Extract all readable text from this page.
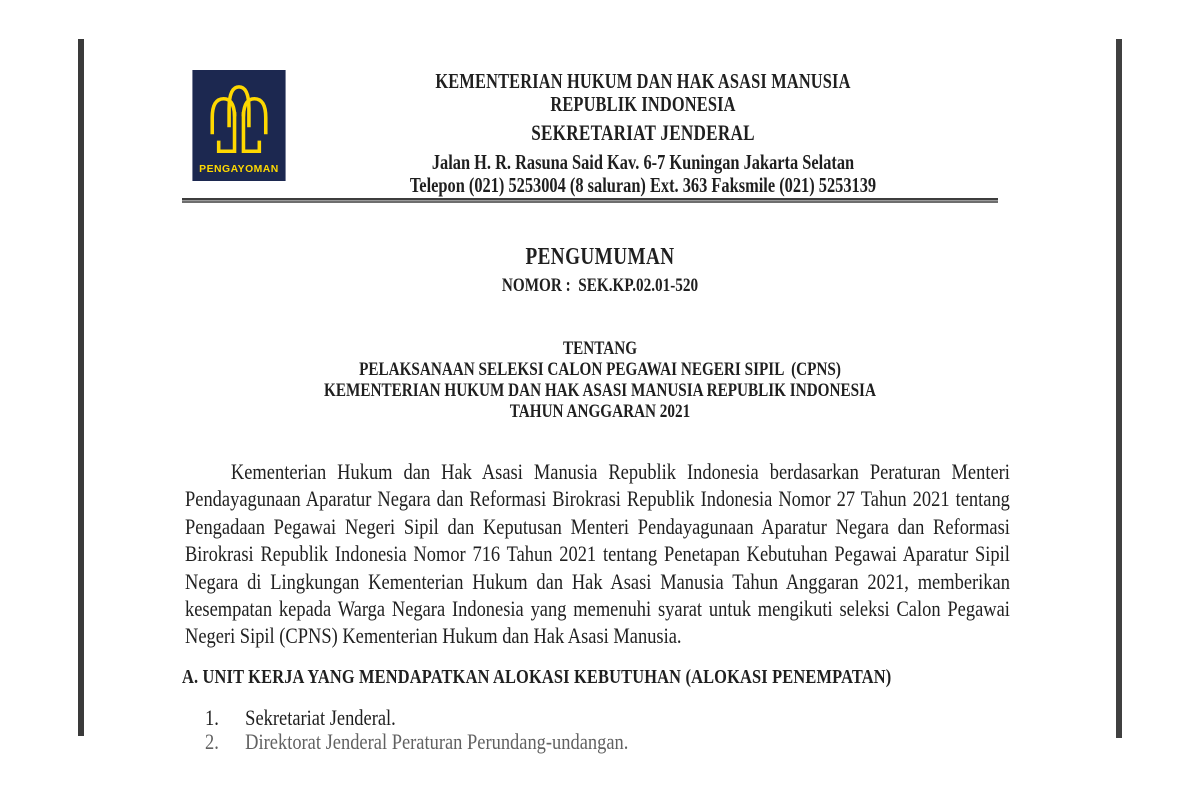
PENGAYOMAN
KEMENTERIAN HUKUM DAN HAK ASASI MANUSIA
REPUBLIK INDONESIA
SEKRETARIAT JENDERAL
Jalan H. R. Rasuna Said Kav. 6-7 Kuningan Jakarta Selatan
Telepon (021) 5253004 (8 saluran) Ext. 363 Faksmile (021) 5253139
PENGUMUMAN
NOMOR :  SEK.KP.02.01-520
TENTANG
PELAKSANAAN SELEKSI CALON PEGAWAI NEGERI SIPIL  (CPNS)
KEMENTERIAN HUKUM DAN HAK ASASI MANUSIA REPUBLIK INDONESIA
TAHUN ANGGARAN 2021
Kementerian Hukum dan Hak Asasi Manusia Republik Indonesia berdasarkan Peraturan Menteri Pendayagunaan Aparatur Negara dan Reformasi Birokrasi Republik Indonesia Nomor 27 Tahun 2021 tentang Pengadaan Pegawai Negeri Sipil dan Keputusan Menteri Pendayagunaan Aparatur Negara dan Reformasi Birokrasi Republik Indonesia Nomor 716 Tahun 2021 tentang Penetapan Kebutuhan Pegawai Aparatur Sipil Negara di Lingkungan Kementerian Hukum dan Hak Asasi Manusia Tahun Anggaran 2021, memberikan kesempatan kepada Warga Negara Indonesia yang memenuhi syarat untuk mengikuti seleksi Calon Pegawai Negeri Sipil (CPNS) Kementerian Hukum dan Hak Asasi Manusia.
A. UNIT KERJA YANG MENDAPATKAN ALOKASI KEBUTUHAN (ALOKASI PENEMPATAN)
1. Sekretariat Jenderal.
2. Direktorat Jenderal Peraturan Perundang-undangan.
